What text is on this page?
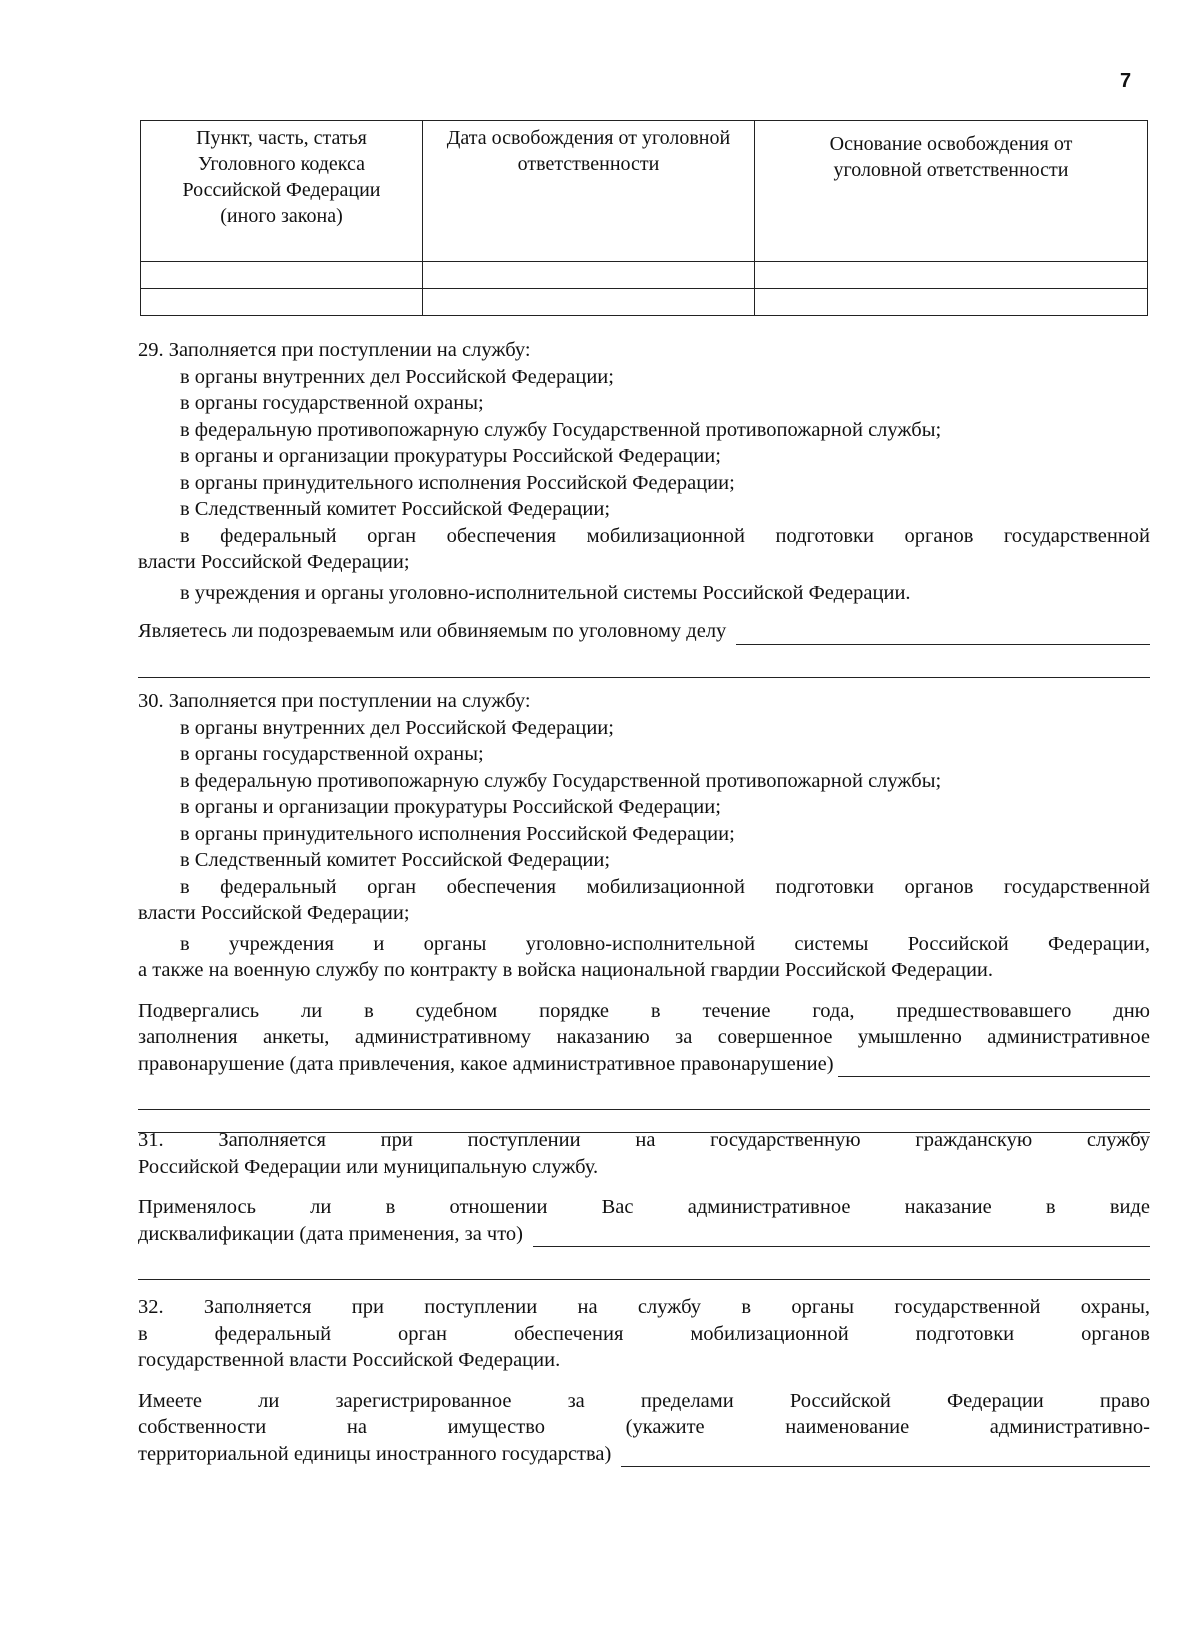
7
Пункт, часть, статья Уголовного кодекса Российской Федерации (иного закона)	Дата освобождения от уголовной ответственности	Основание освобождения от уголовной ответственности

29. Заполняется при поступлении на службу:

в органы внутренних дел Российской Федерации;

в органы государственной охраны;

в федеральную противопожарную службу Государственной противопожарной службы;

в органы и организации прокуратуры Российской Федерации;

в органы принудительного исполнения Российской Федерации;

в Следственный комитет Российской Федерации;

в федеральный орган обеспечения мобилизационной подготовки органов государственной

власти Российской Федерации;

в учреждения и органы уголовно-исполнительной системы Российской Федерации.

Являетесь ли подозреваемым или обвиняемым по уголовному делу

30. Заполняется при поступлении на службу:

в органы внутренних дел Российской Федерации;

в органы государственной охраны;

в федеральную противопожарную службу Государственной противопожарной службы;

в органы и организации прокуратуры Российской Федерации;

в органы принудительного исполнения Российской Федерации;

в Следственный комитет Российской Федерации;

в федеральный орган обеспечения мобилизационной подготовки органов государственной

власти Российской Федерации;

в учреждения и органы уголовно-исполнительной системы Российской Федерации,

а также на военную службу по контракту в войска национальной гвардии Российской Федерации.

Подвергались ли в судебном порядке в течение года, предшествовавшего дню

заполнения анкеты, административному наказанию за совершенное умышленно административное

правонарушение (дата привлечения, какое административное правонарушение)

31. Заполняется при поступлении на государственную гражданскую службу

Российской Федерации или муниципальную службу.

Применялось ли в отношении Вас административное наказание в виде

дисквалификации (дата применения, за что)

32. Заполняется при поступлении на службу в органы государственной охраны,

в федеральный орган обеспечения мобилизационной подготовки органов

государственной власти Российской Федерации.

Имеете ли зарегистрированное за пределами Российской Федерации право

собственности на имущество (укажите наименование административно-

территориальной единицы иностранного государства)
